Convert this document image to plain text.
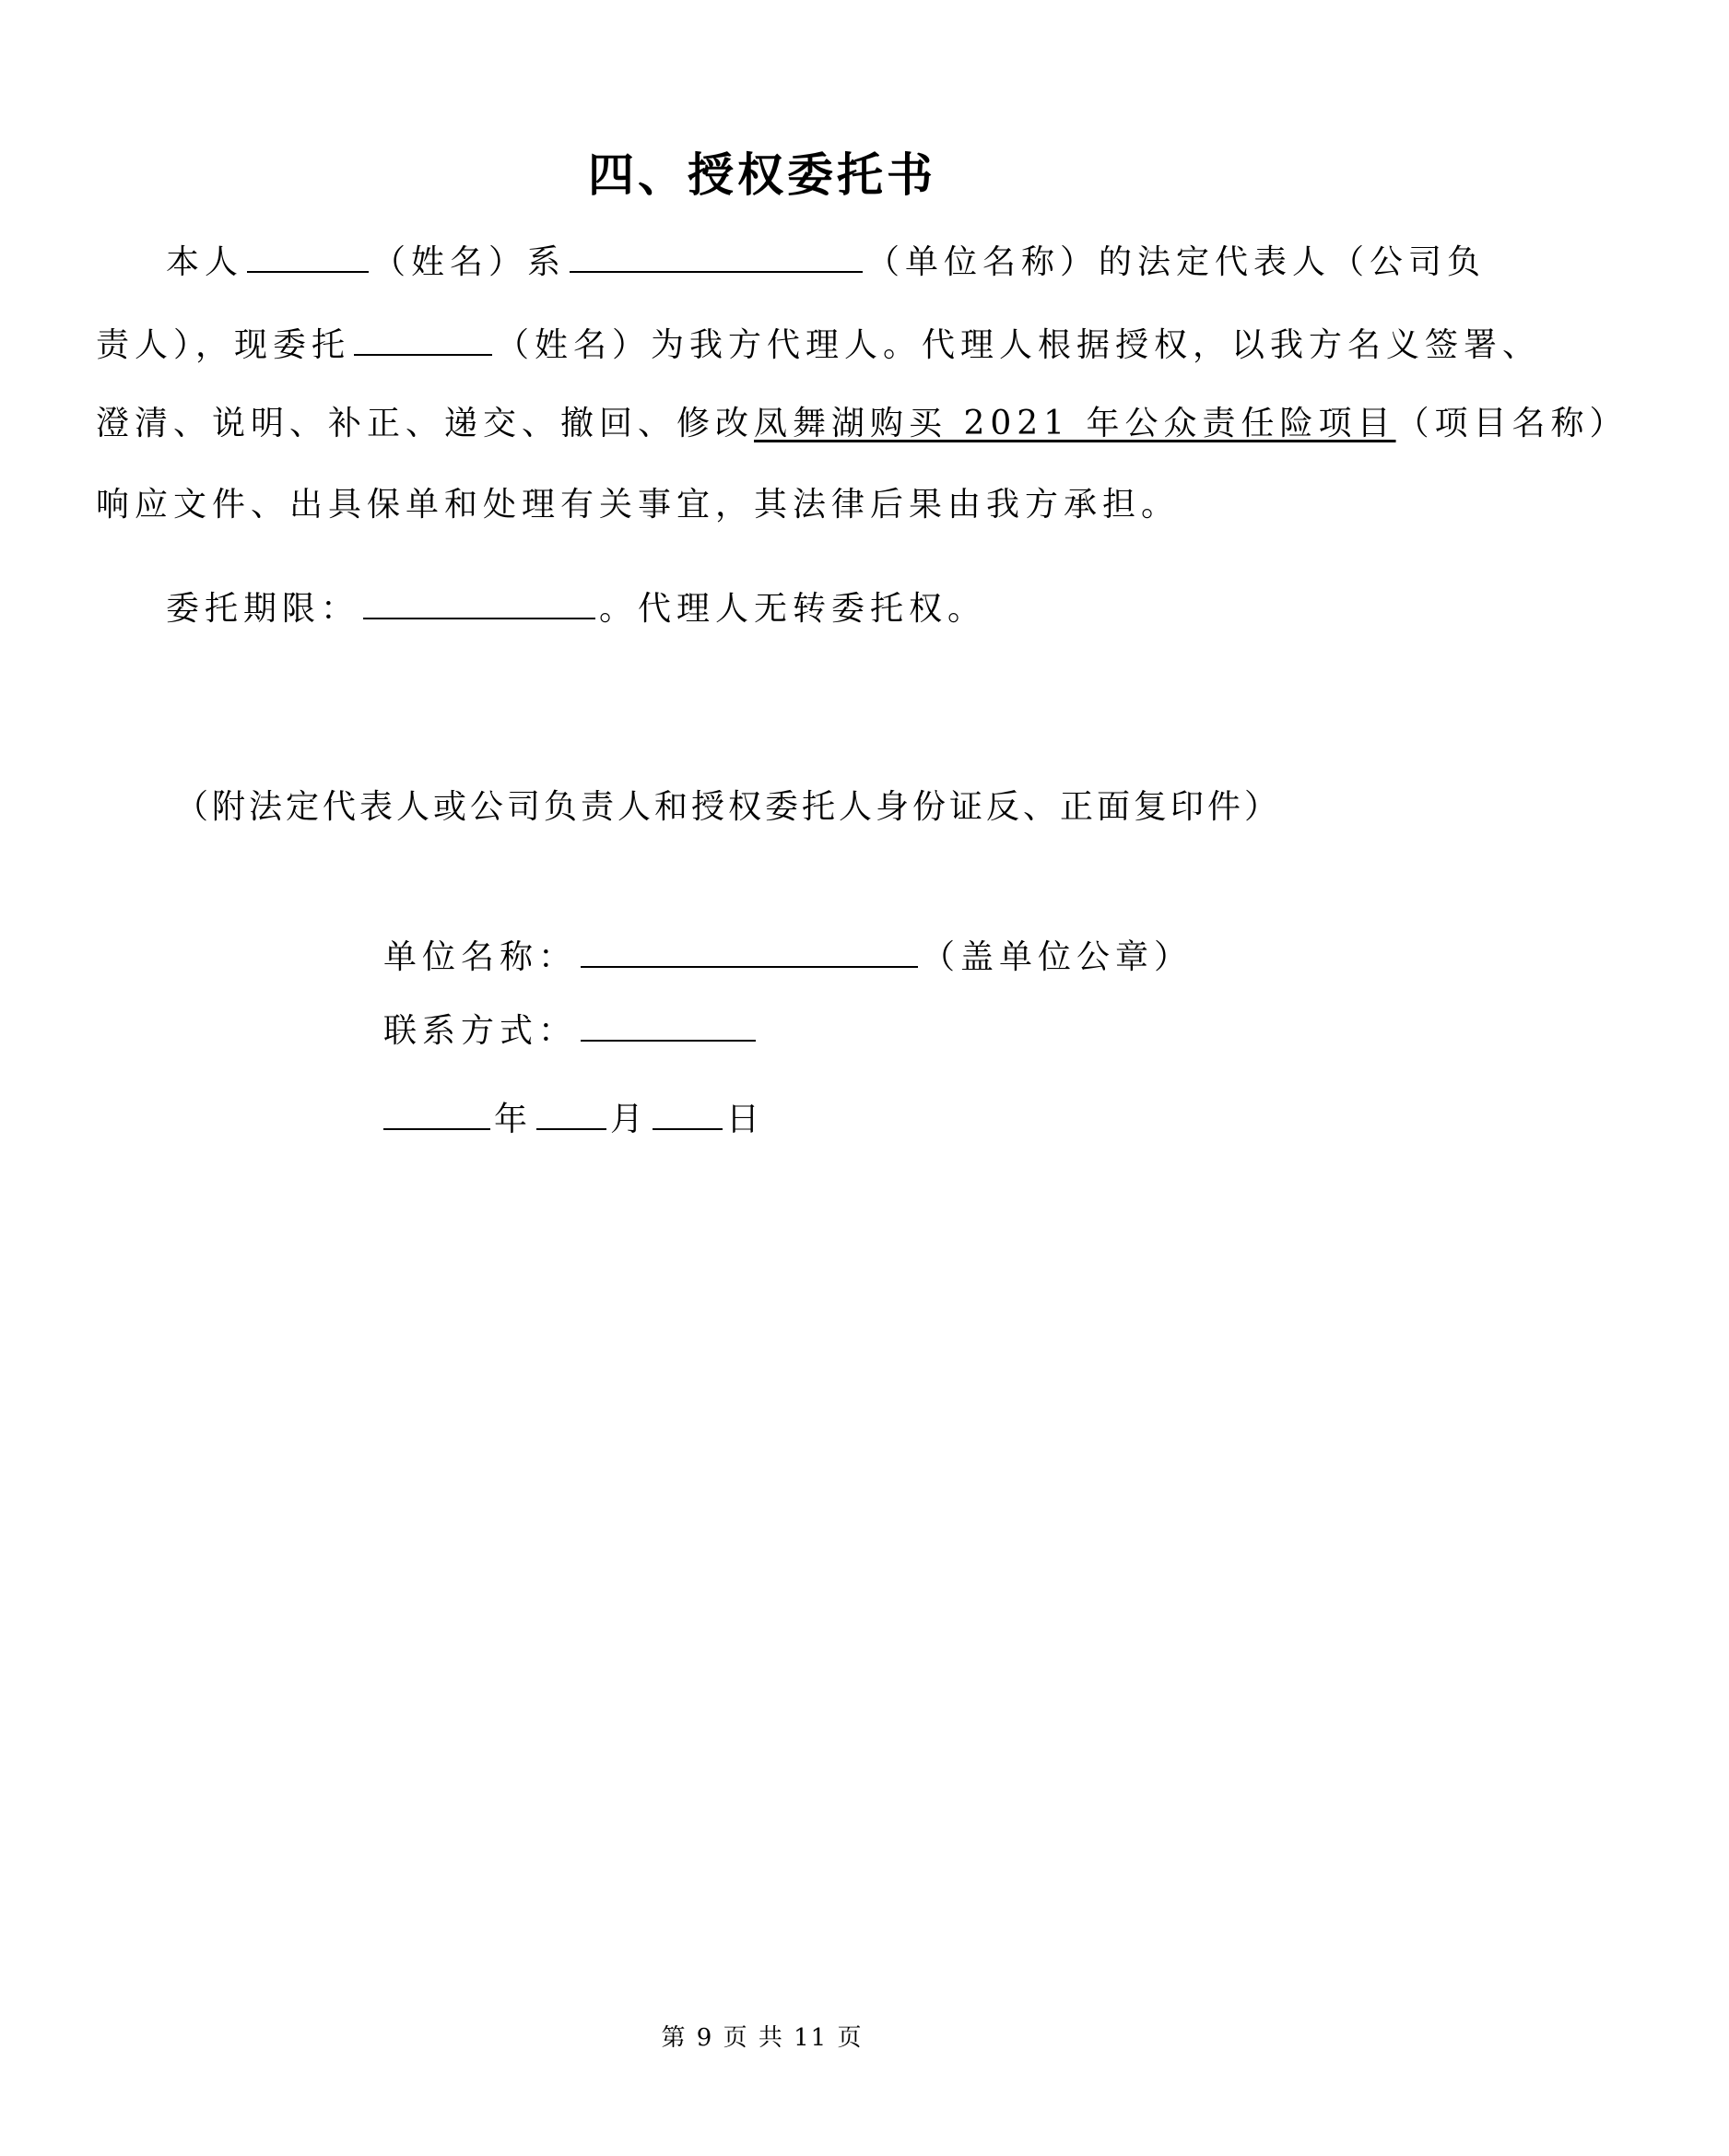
四、授权委托书
本人	（姓名）系	（单位名称）的法定代表人（公司负
责人），现委托	（姓名）为我方代理人。代理人根据授权，以我方名义签署、
澄清、说明、补正、递交、撤回、修改凤舞湖购买 2021 年公众责任险项目（项目名称）
响应文件、出具保单和处理有关事宜，其法律后果由我方承担。
委托期限：	。代理人无转委托权。
（附法定代表人或公司负责人和授权委托人身份证反、正面复印件）
单位名称：	（盖单位公章）
联系方式：
年 月 日
第 9 页 共 11 页
